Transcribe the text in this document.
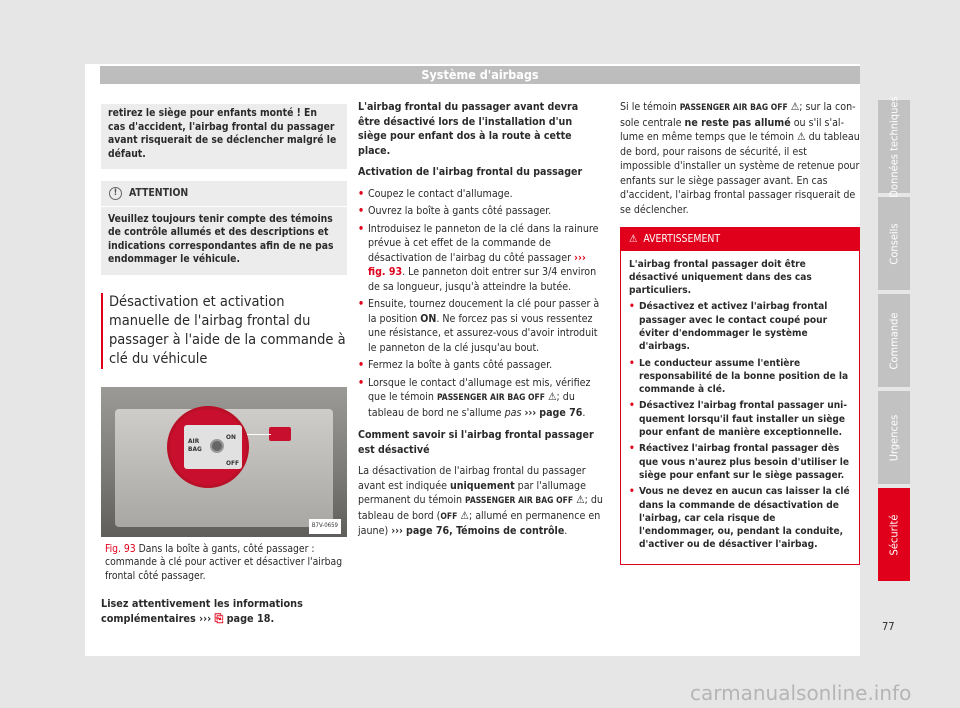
Système d'airbags
retirez le siège pour enfants monté ! En cas d'accident, l'airbag frontal du passager avant risquerait de se déclencher malgré le défaut.
!	ATTENTION
Veuillez toujours tenir compte des témoins de contrôle allumés et des descriptions et indications correspondantes afin de ne pas endommager le véhicule.
Désactivation et activation manuelle de l'airbag frontal du passager à l'aide de la commande à clé du véhicule
AIR
BAG
ON
OFF
B7V-0659
Fig. 93 Dans la boîte à gants, côté passager : commande à clé pour activer et désactiver l'airbag frontal côté passager.

Lisez attentivement les informations complémentaires ››› ⎘ page 18.

L'airbag frontal du passager avant devra être désactivé lors de l'installation d'un siège pour enfant dos à la route à cette place.

Activation de l'airbag frontal du passager

• Coupez le contact d'allumage.
• Ouvrez la boîte à gants côté passager.
• Introduisez le panneton de la clé dans la rainure prévue à cet effet de la commande de désactivation de l'airbag du côté passager ››› fig. 93. Le panneton doit entrer sur 3/4 environ de sa longueur, jusqu'à atteindre la butée.
• Ensuite, tournez doucement la clé pour passer à la position ON. Ne forcez pas si vous ressentez une résistance, et assurez-vous d'avoir introduit le panneton de la clé jusqu'au bout.
• Fermez la boîte à gants côté passager.
• Lorsque le contact d'allumage est mis, vérifiez que le témoin PASSENGER AIR BAG OFF ⚠; du tableau de bord ne s'allume pas ››› page 76.

Comment savoir si l'airbag frontal passager est désactivé

La désactivation de l'airbag frontal du passager avant est indiquée uniquement par l'allumage permanent du témoin PASSENGER AIR BAG OFF ⚠; du tableau de bord (OFF ⚠; allumé en permanence en jaune) ››› page 76, Témoins de contrôle.

Si le témoin PASSENGER AIR BAG OFF ⚠; sur la console centrale ne reste pas allumé ou s'il s'allume en même temps que le témoin ⚠ du tableau de bord, pour raisons de sécurité, il est impossible d'installer un système de retenue pour enfants sur le siège passager avant. En cas d'accident, l'airbag frontal passager risquerait de se déclencher.

⚠ AVERTISSEMENT

L'airbag frontal passager doit être désactivé uniquement dans des cas particuliers.

• Désactivez et activez l'airbag frontal passager avec le contact coupé pour éviter d'endommager le système d'airbags.
• Le conducteur assume l'entière responsabilité de la bonne position de la commande à clé.
• Désactivez l'airbag frontal passager uniquement lorsqu'il faut installer un siège pour enfant de manière exceptionnelle.
• Réactivez l'airbag frontal passager dès que vous n'aurez plus besoin d'utiliser le siège pour enfant sur le siège passager.
• Vous ne devez en aucun cas laisser la clé dans la commande de désactivation de l'airbag, car cela risque de l'endommager, ou, pendant la conduite, d'activer ou de désactiver l'airbag.
Données techniques
Conseils
Commande
Urgences
Sécurité
77
carmanualsonline.info
